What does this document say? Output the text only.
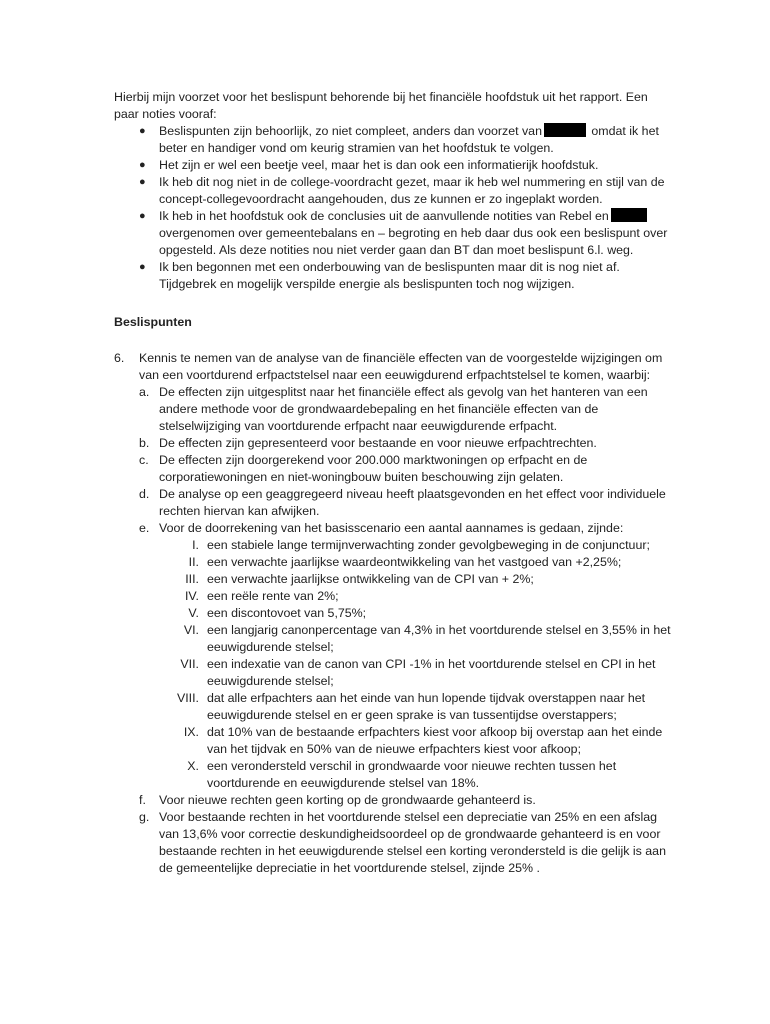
Hierbij mijn voorzet voor het beslispunt behorende bij het financiële hoofdstuk uit het rapport. Een paar noties vooraf:

● Beslispunten zijn behoorlijk, zo niet compleet, anders dan voorzet van	omdat ik het beter en handiger vond om keurig stramien van het hoofdstuk te volgen.
● Het zijn er wel een beetje veel, maar het is dan ook een informatierijk hoofdstuk.
● Ik heb dit nog niet in de college-voordracht gezet, maar ik heb wel nummering en stijl van de concept-collegevoordracht aangehouden, dus ze kunnen er zo ingeplakt worden.
● Ik heb in het hoofdstuk ook de conclusies uit de aanvullende notities van Rebel en overgenomen over gemeentebalans en – begroting en heb daar dus ook een beslispunt over opgesteld. Als deze notities nou niet verder gaan dan BT dan moet beslispunt 6.l. weg.
● Ik ben begonnen met een onderbouwing van de beslispunten maar dit is nog niet af. Tijdgebrek en mogelijk verspilde energie als beslispunten toch nog wijzigen.

Beslispunten

6. Kennis te nemen van de analyse van de financiële effecten van de voorgestelde wijzigingen om van een voortdurend erfpactstelsel naar een eeuwigdurend erfpachtstelsel te komen, waarbij:

a. De effecten zijn uitgesplitst naar het financiële effect als gevolg van het hanteren van een andere methode voor de grondwaardebepaling en het financiële effecten van de stelselwijziging van voortdurende erfpacht naar eeuwigdurende erfpacht.
b. De effecten zijn gepresenteerd voor bestaande en voor nieuwe erfpachtrechten.
c. De effecten zijn doorgerekend voor 200.000 marktwoningen op erfpacht en de corporatiewoningen en niet-woningbouw buiten beschouwing zijn gelaten.
d. De analyse op een geaggregeerd niveau heeft plaatsgevonden en het effect voor individuele rechten hiervan kan afwijken.
e. Voor de doorrekening van het basisscenario een aantal aannames is gedaan, zijnde:
I. een stabiele lange termijnverwachting zonder gevolgbeweging in de conjunctuur;
II. een verwachte jaarlijkse waardeontwikkeling van het vastgoed van +2,25%;
III. een verwachte jaarlijkse ontwikkeling van de CPI van + 2%;
IV. een reële rente van 2%;
V. een discontovoet van 5,75%;
VI. een langjarig canonpercentage van 4,3% in het voortdurende stelsel en 3,55% in het eeuwigdurende stelsel;
VII. een indexatie van de canon van CPI -1% in het voortdurende stelsel en CPI in het eeuwigdurende stelsel;
VIII. dat alle erfpachters aan het einde van hun lopende tijdvak overstappen naar het eeuwigdurende stelsel en er geen sprake is van tussentijdse overstappers;
IX. dat 10% van de bestaande erfpachters kiest voor afkoop bij overstap aan het einde van het tijdvak en 50% van de nieuwe erfpachters kiest voor afkoop;
X. een verondersteld verschil in grondwaarde voor nieuwe rechten tussen het voortdurende en eeuwigdurende stelsel van 18%.
f. Voor nieuwe rechten geen korting op de grondwaarde gehanteerd is.
g. Voor bestaande rechten in het voortdurende stelsel een depreciatie van 25% en een afslag van 13,6% voor correctie deskundigheidsoordeel op de grondwaarde gehanteerd is en voor bestaande rechten in het eeuwigdurende stelsel een korting verondersteld is die gelijk is aan de gemeentelijke depreciatie in het voortdurende stelsel, zijnde 25% .
